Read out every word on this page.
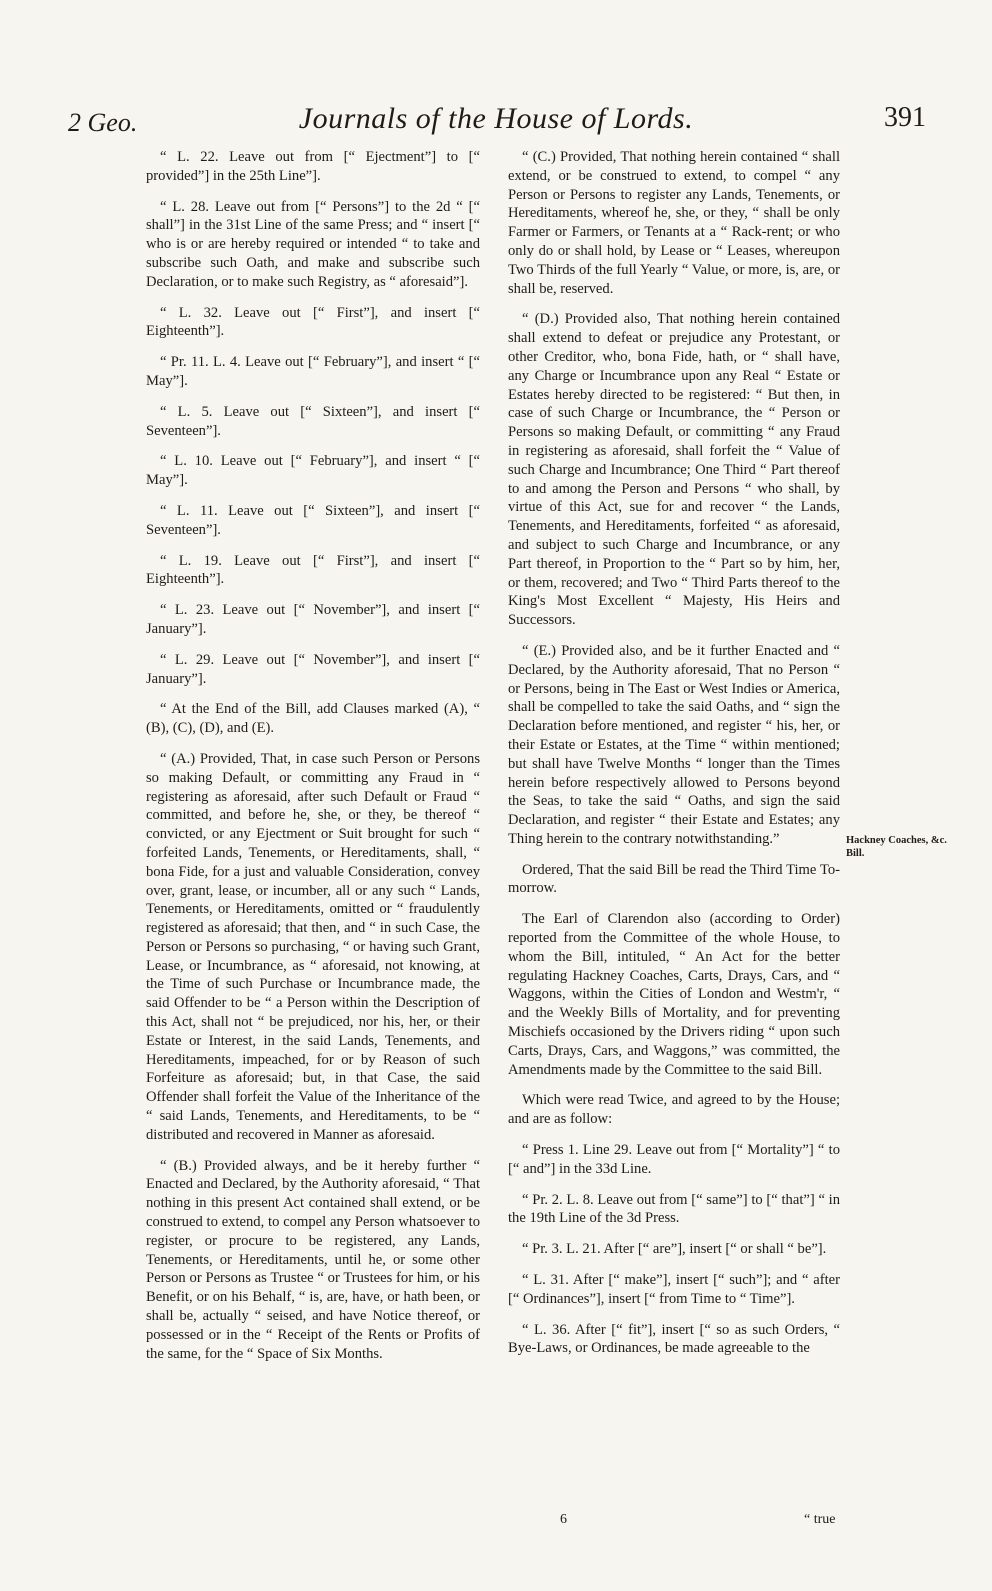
2 Geo.	Journals of the House of Lords.	391

“ L. 22. Leave out from [“ Ejectment”] to [“ provided”] in the 25th Line”].

“ L. 28. Leave out from [“ Persons”] to the 2d “ [“ shall”] in the 31st Line of the same Press; and “ insert [“ who is or are hereby required or intended “ to take and subscribe such Oath, and make and subscribe such Declaration, or to make such Registry, as “ aforesaid”].

“ L. 32. Leave out [“ First”], and insert [“ Eighteenth”].

“ Pr. 11. L. 4. Leave out [“ February”], and insert “ [“ May”].

“ L. 5. Leave out [“ Sixteen”], and insert [“ Seventeen”].

“ L. 10. Leave out [“ February”], and insert “ [“ May”].

“ L. 11. Leave out [“ Sixteen”], and insert [“ Seventeen”].

“ L. 19. Leave out [“ First”], and insert [“ Eighteenth”].

“ L. 23. Leave out [“ November”], and insert [“ January”].

“ L. 29. Leave out [“ November”], and insert [“ January”].

“ At the End of the Bill, add Clauses marked (A), “ (B), (C), (D), and (E).

“ (A.) Provided, That, in case such Person or Persons so making Default, or committing any Fraud in “ registering as aforesaid, after such Default or Fraud “ committed, and before he, she, or they, be thereof “ convicted, or any Ejectment or Suit brought for such “ forfeited Lands, Tenements, or Hereditaments, shall, “ bona Fide, for a just and valuable Consideration, convey over, grant, lease, or incumber, all or any such “ Lands, Tenements, or Hereditaments, omitted or “ fraudulently registered as aforesaid; that then, and “ in such Case, the Person or Persons so purchasing, “ or having such Grant, Lease, or Incumbrance, as “ aforesaid, not knowing, at the Time of such Purchase or Incumbrance made, the said Offender to be “ a Person within the Description of this Act, shall not “ be prejudiced, nor his, her, or their Estate or Interest, in the said Lands, Tenements, and Hereditaments, impeached, for or by Reason of such Forfeiture as aforesaid; but, in that Case, the said Offender shall forfeit the Value of the Inheritance of the “ said Lands, Tenements, and Hereditaments, to be “ distributed and recovered in Manner as aforesaid.

“ (B.) Provided always, and be it hereby further “ Enacted and Declared, by the Authority aforesaid, “ That nothing in this present Act contained shall extend, or be construed to extend, to compel any Person whatsoever to register, or procure to be registered, any Lands, Tenements, or Hereditaments, until he, or some other Person or Persons as Trustee “ or Trustees for him, or his Benefit, or on his Behalf, “ is, are, have, or hath been, or shall be, actually “ seised, and have Notice thereof, or possessed or in the “ Receipt of the Rents or Profits of the same, for the “ Space of Six Months.

“ (C.) Provided, That nothing herein contained “ shall extend, or be construed to extend, to compel “ any Person or Persons to register any Lands, Tenements, or Hereditaments, whereof he, she, or they, “ shall be only Farmer or Farmers, or Tenants at a “ Rack-rent; or who only do or shall hold, by Lease or “ Leases, whereupon Two Thirds of the full Yearly “ Value, or more, is, are, or shall be, reserved.

“ (D.) Provided also, That nothing herein contained shall extend to defeat or prejudice any Protestant, or other Creditor, who, bona Fide, hath, or “ shall have, any Charge or Incumbrance upon any Real “ Estate or Estates hereby directed to be registered: “ But then, in case of such Charge or Incumbrance, the “ Person or Persons so making Default, or committing “ any Fraud in registering as aforesaid, shall forfeit the “ Value of such Charge and Incumbrance; One Third “ Part thereof to and among the Person and Persons “ who shall, by virtue of this Act, sue for and recover “ the Lands, Tenements, and Hereditaments, forfeited “ as aforesaid, and subject to such Charge and Incumbrance, or any Part thereof, in Proportion to the “ Part so by him, her, or them, recovered; and Two “ Third Parts thereof to the King's Most Excellent “ Majesty, His Heirs and Successors.

“ (E.) Provided also, and be it further Enacted and “ Declared, by the Authority aforesaid, That no Person “ or Persons, being in The East or West Indies or America, shall be compelled to take the said Oaths, and “ sign the Declaration before mentioned, and register “ his, her, or their Estate or Estates, at the Time “ within mentioned; but shall have Twelve Months “ longer than the Times herein before respectively allowed to Persons beyond the Seas, to take the said “ Oaths, and sign the said Declaration, and register “ their Estate and Estates; any Thing herein to the contrary notwithstanding.”

Ordered, That the said Bill be read the Third Time To-morrow.

The Earl of Clarendon also (according to Order) reported from the Committee of the whole House, to whom the Bill, intituled, “ An Act for the better regulating Hackney Coaches, Carts, Drays, Cars, and “ Waggons, within the Cities of London and Westm'r, “ and the Weekly Bills of Mortality, and for preventing Mischiefs occasioned by the Drivers riding “ upon such Carts, Drays, Cars, and Waggons,” was committed, the Amendments made by the Committee to the said Bill.

Which were read Twice, and agreed to by the House; and are as follow:

“ Press 1. Line 29. Leave out from [“ Mortality”] “ to [“ and”] in the 33d Line.

“ Pr. 2. L. 8. Leave out from [“ same”] to [“ that”] “ in the 19th Line of the 3d Press.

“ Pr. 3. L. 21. After [“ are”], insert [“ or shall “ be”].

“ L. 31. After [“ make”], insert [“ such”]; and “ after [“ Ordinances”], insert [“ from Time to “ Time”].

“ L. 36. After [“ fit”], insert [“ so as such Orders, “ Bye-Laws, or Ordinances, be made agreeable to the

Hackney Coaches, &c. Bill.
6	“ true
